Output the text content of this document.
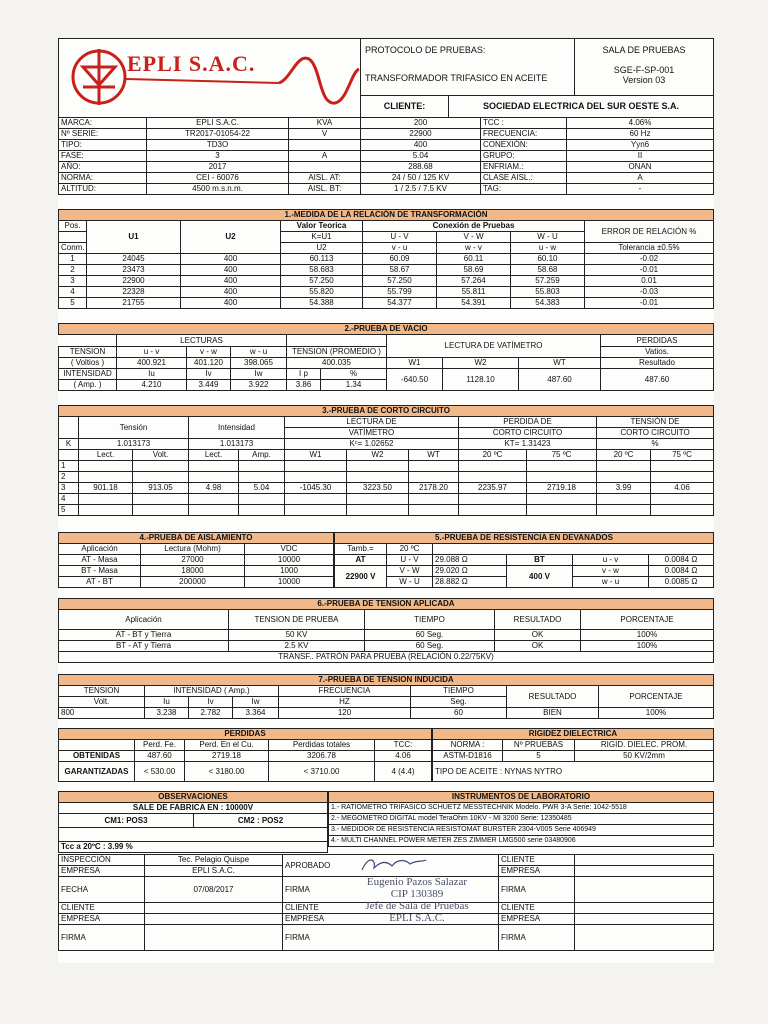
EPLI S.A.C.
PROTOCOLO DE PRUEBAS:
TRANSFORMADOR TRIFASICO EN ACEITE
SALA DE PRUEBAS
SGE-F-SP-001
Version 03
CLIENTE:	SOCIEDAD ELECTRICA DEL SUR OESTE S.A.
MARCA:	EPLI S.A.C.	KVA	200	TCC :	4.06%
Nº SERIE:	TR2017-01054-22	V	22900	FRECUENCIA:	60 Hz
TIPO:	TD3O		400	CONEXIÓN:	Yyn6
FASE:	3	A	5.04	GRUPO:	II
AÑO:	2017		288.68	ENFRIAM.:	ONAN
NORMA:	CEI - 60076	AISL. AT:	24 / 50 / 125 KV	CLASE AISL.:	A
ALTITUD:	4500 m.s.n.m.	AISL. BT:	1 / 2.5 / 7.5 KV	TAG:	-
1.-MEDIDA DE LA RELACIÓN DE TRANSFORMACIÓN							
Pos.	U1	U2	Valor Teorica	Conexión de Pruebas			ERROR DE RELACIÓN %
			K=U1	U - V	V - W	W - U	
Conm.			U2	v - u	w - v	u - w	Tolerancia ±0.5%
1	24045	400	60.113	60.09	60.11	60.10	-0.02
2	23473	400	58.683	58.67	58.69	58.68	-0.01
3	22900	400	57.250	57.250	57.264	57.259	0.01
4	22328	400	55.820	55.799	55.811	55.803	-0.03
5	21755	400	54.388	54.377	54.391	54.383	-0.01
2.-PRUEBA DE VACIO									
	LECTURAS					LECTURA DE VATÍMETRO			PERDIDAS
TENSION	u - v	v - w	w - u	TENSION (PROMEDIO )					Vatios.
( Voltios )	400.921	401.120	398.065	400.035		W1	W2	WT	Resultado
INTENSIDAD	Iu	Iv	Iw	I p	%	-640.50	1128.10	487.60	487.60
( Amp. )	4.210	3.449	3.922	3.86	1.34				
3.-PRUEBA DE CORTO CIRCUITO											
	Tensión		Intensidad		LECTURA DE			PERDIDA DE		TENSIÓN DE	
					VATÍMETRO			CORTO CIRCUITO		CORTO CIRCUITO	
K	1.013173		1.013173		Kᶜ= 1.02652			KT= 1.31423		%	
	Lect.	Volt.	Lect.	Amp.	W1	W2	WT	20 ºC	75 ºC	20 ºC	75 ºC
1											
2											
3	901.18	913.05	4.98	5.04	-1045.30	3223.50	2178.20	2235.97	2719.18	3.99	4.06
4											
5											
4.-PRUEBA DE AISLAMIENTO		
Aplicación	Lectura (Mohm)	VDC
AT - Masa	27000	10000
BT - Masa	18000	1000
AT - BT	200000	10000
5.-PRUEBA DE RESISTENCIA EN DEVANADOS					
Tamb.=	20 ºC				
AT	U - V	29.088 Ω	BT	u - v	0.0084 Ω
22900 V	V - W	29.020 Ω	400 V	v - w	0.0084 Ω
	W - U	28.882 Ω		w - u	0.0085 Ω
6.-PRUEBA DE TENSION APLICADA				
Aplicación	TENSION DE PRUEBA	TIEMPO	RESULTADO	PORCENTAJE
AT - BT y Tierra	50 KV	60 Seg.	OK	100%
BT - AT y Tierra	2.5 KV	60 Seg.	OK	100%
TRANSF.. PATRÓN PARA PRUEBA (RELACIÓN 0.22/75KV)				
7.-PRUEBA DE TENSION INDUCIDA							
TENSION	INTENSIDAD ( Amp.)			FRECUENCIA	TIEMPO	RESULTADO	PORCENTAJE
Volt.	Iu	Iv	Iw	HZ	Seg.		
800	3.238	2.782	3.364	120	60	BIEN	100%
PERDIDAS				
	Perd. Fe.	Perd. En el Cu.	Perdidas totales	TCC:
OBTENIDAS	487.60	2719.18	3206.78	4.06
GARANTIZADAS	< 530.00	< 3180.00	< 3710.00	4 (4.4)
RIGIDEZ DIELECTRICA		
NORMA :	Nº PRUEBAS	RIGID. DIELEC. PROM.
ASTM-D1816	5	50 KV/2mm
TIPO DE ACEITE : NYNAS NYTRO		
OBSERVACIONES
SALE DE FABRICA EN : 10000V
CM1: POS3	CM2 : POS2

Tcc a 20ºC : 3.99 %
INSTRUMENTOS DE LABORATORIO
1.- RATIOMETRO TRIFASICO SCHUETZ MESSTECHNIK Modelo. PWR 3-A Serie: 1042-5518
2.- MEGOMETRO DIGITAL model TeraOhm 10KV - MI 3200 Serie: 12350485
3.- MEDIDOR DE RESISTENCIA RESISTOMAT BURSTER 2304-V005 Serie 406949
4.- MULTI CHANNEL POWER METER ZES ZIMMER LMG500 serie 03480906
INSPECCIÓN	Tec. Pelagio Quispe	APROBADO	CLIENTE	
EMPRESA	EPLI S.A.C.		EMPRESA	
FECHA	07/08/2017	FIRMA	FIRMA	
CLIENTE		CLIENTE	CLIENTE	
EMPRESA		EMPRESA	EMPRESA	
FIRMA		FIRMA	FIRMA	
Eugenio Pazos Salazar
CIP 130389
Jefe de Sala de Pruebas
EPLI S.A.C.
